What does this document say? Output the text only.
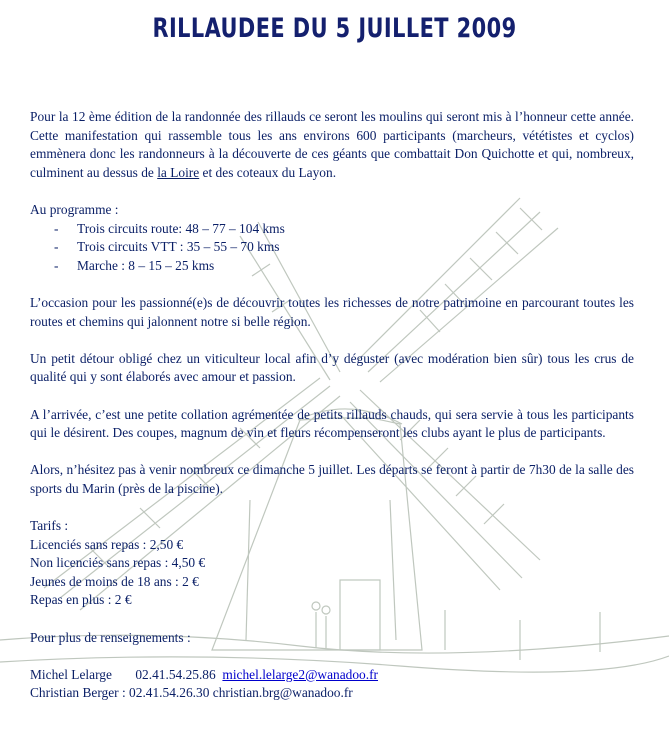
RILLAUDEE DU 5 JUILLET 2009

Pour la 12 ème édition de la randonnée des rillauds ce seront les moulins qui seront mis à l’honneur cette année. Cette manifestation qui rassemble tous les ans environs 600 participants (marcheurs, vététistes et cyclos) emmènera donc les randonneurs à la découverte de ces géants que combattait Don Quichotte et qui, nombreux, culminent au dessus de la Loire et des coteaux du Layon.

Au programme :

- Trois circuits route: 48 – 77 – 104 kms
- Trois circuits VTT : 35 – 55 – 70 kms
- Marche : 8 – 15 – 25 kms

L’occasion pour les passionné(e)s de découvrir toutes les richesses de notre patrimoine en parcourant toutes les routes et chemins qui jalonnent notre si belle région.

Un petit détour obligé chez un viticulteur local afin d’y déguster (avec modération bien sûr) tous les crus de qualité qui y sont élaborés avec amour et passion.

A l’arrivée, c’est une petite collation agrémentée de petits rillauds chauds, qui sera servie à tous les participants qui le désirent. Des coupes, magnum de vin et fleurs récompenseront les clubs ayant le plus de participants.

Alors, n’hésitez pas à venir nombreux ce dimanche 5 juillet. Les départs se feront à partir de 7h30 de la salle des sports du Marin (près de la piscine).

Tarifs :

Licenciés sans repas : 2,50 €

Non licenciés sans repas : 4,50 €

Jeunes de moins de 18 ans : 2 €

Repas en plus : 2 €

Pour plus de renseignements :

Michel Lelarge       02.41.54.25.86  michel.lelarge2@wanadoo.fr

Christian Berger : 02.41.54.26.30 christian.brg@wanadoo.fr
